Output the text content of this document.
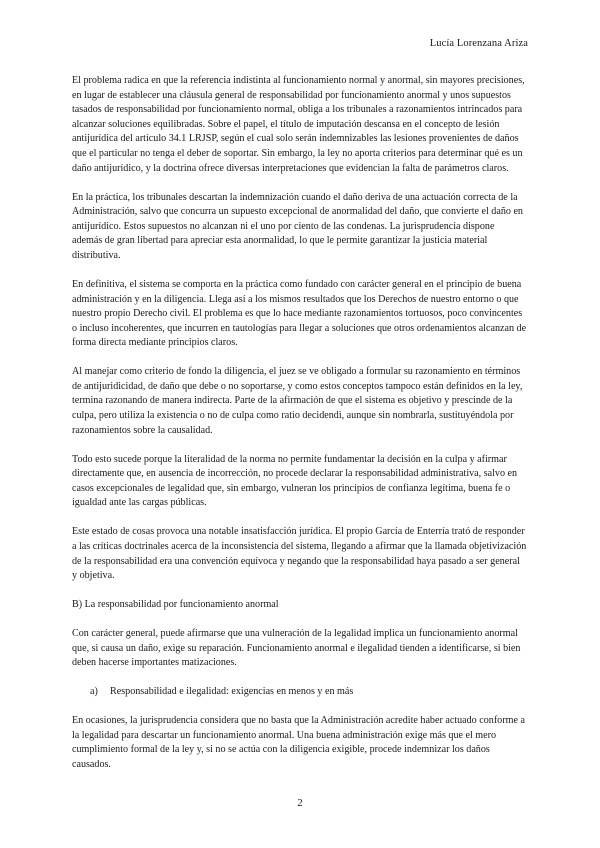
Lucía Lorenzana Ariza

El problema radica en que la referencia indistinta al funcionamiento normal y anormal, sin mayores precisiones, en lugar de establecer una cláusula general de responsabilidad por funcionamiento anormal y unos supuestos tasados de responsabilidad por funcionamiento normal, obliga a los tribunales a razonamientos intrincados para alcanzar soluciones equilibradas. Sobre el papel, el título de imputación descansa en el concepto de lesión antijurídica del artículo 34.1 LRJSP, según el cual solo serán indemnizables las lesiones provenientes de daños que el particular no tenga el deber de soportar. Sin embargo, la ley no aporta criterios para determinar qué es un daño antijurídico, y la doctrina ofrece diversas interpretaciones que evidencian la falta de parámetros claros.

En la práctica, los tribunales descartan la indemnización cuando el daño deriva de una actuación correcta de la Administración, salvo que concurra un supuesto excepcional de anormalidad del daño, que convierte el daño en antijurídico. Estos supuestos no alcanzan ni el uno por ciento de las condenas. La jurisprudencia dispone además de gran libertad para apreciar esta anormalidad, lo que le permite garantizar la justicia material distributiva.

En definitiva, el sistema se comporta en la práctica como fundado con carácter general en el principio de buena administración y en la diligencia. Llega así a los mismos resultados que los Derechos de nuestro entorno o que nuestro propio Derecho civil. El problema es que lo hace mediante razonamientos tortuosos, poco convincentes o incluso incoherentes, que incurren en tautologías para llegar a soluciones que otros ordenamientos alcanzan de forma directa mediante principios claros.

Al manejar como criterio de fondo la diligencia, el juez se ve obligado a formular su razonamiento en términos de antijuridicidad, de daño que debe o no soportarse, y como estos conceptos tampoco están definidos en la ley, termina razonando de manera indirecta. Parte de la afirmación de que el sistema es objetivo y prescinde de la culpa, pero utiliza la existencia o no de culpa como ratio decidendi, aunque sin nombrarla, sustituyéndola por razonamientos sobre la causalidad.

Todo esto sucede porque la literalidad de la norma no permite fundamentar la decisión en la culpa y afirmar directamente que, en ausencia de incorrección, no procede declarar la responsabilidad administrativa, salvo en casos excepcionales de legalidad que, sin embargo, vulneran los principios de confianza legítima, buena fe o igualdad ante las cargas públicas.

Este estado de cosas provoca una notable insatisfacción jurídica. El propio García de Enterría trató de responder a las críticas doctrinales acerca de la inconsistencia del sistema, llegando a afirmar que la llamada objetivización de la responsabilidad era una convención equívoca y negando que la responsabilidad haya pasado a ser general y objetiva.

B) La responsabilidad por funcionamiento anormal

Con carácter general, puede afirmarse que una vulneración de la legalidad implica un funcionamiento anormal que, si causa un daño, exige su reparación. Funcionamiento anormal e ilegalidad tienden a identificarse, si bien deben hacerse importantes matizaciones.

a) Responsabilidad e ilegalidad: exigencias en menos y en más

En ocasiones, la jurisprudencia considera que no basta que la Administración acredite haber actuado conforme a la legalidad para descartar un funcionamiento anormal. Una buena administración exige más que el mero cumplimiento formal de la ley y, si no se actúa con la diligencia exigible, procede indemnizar los daños causados.

2
